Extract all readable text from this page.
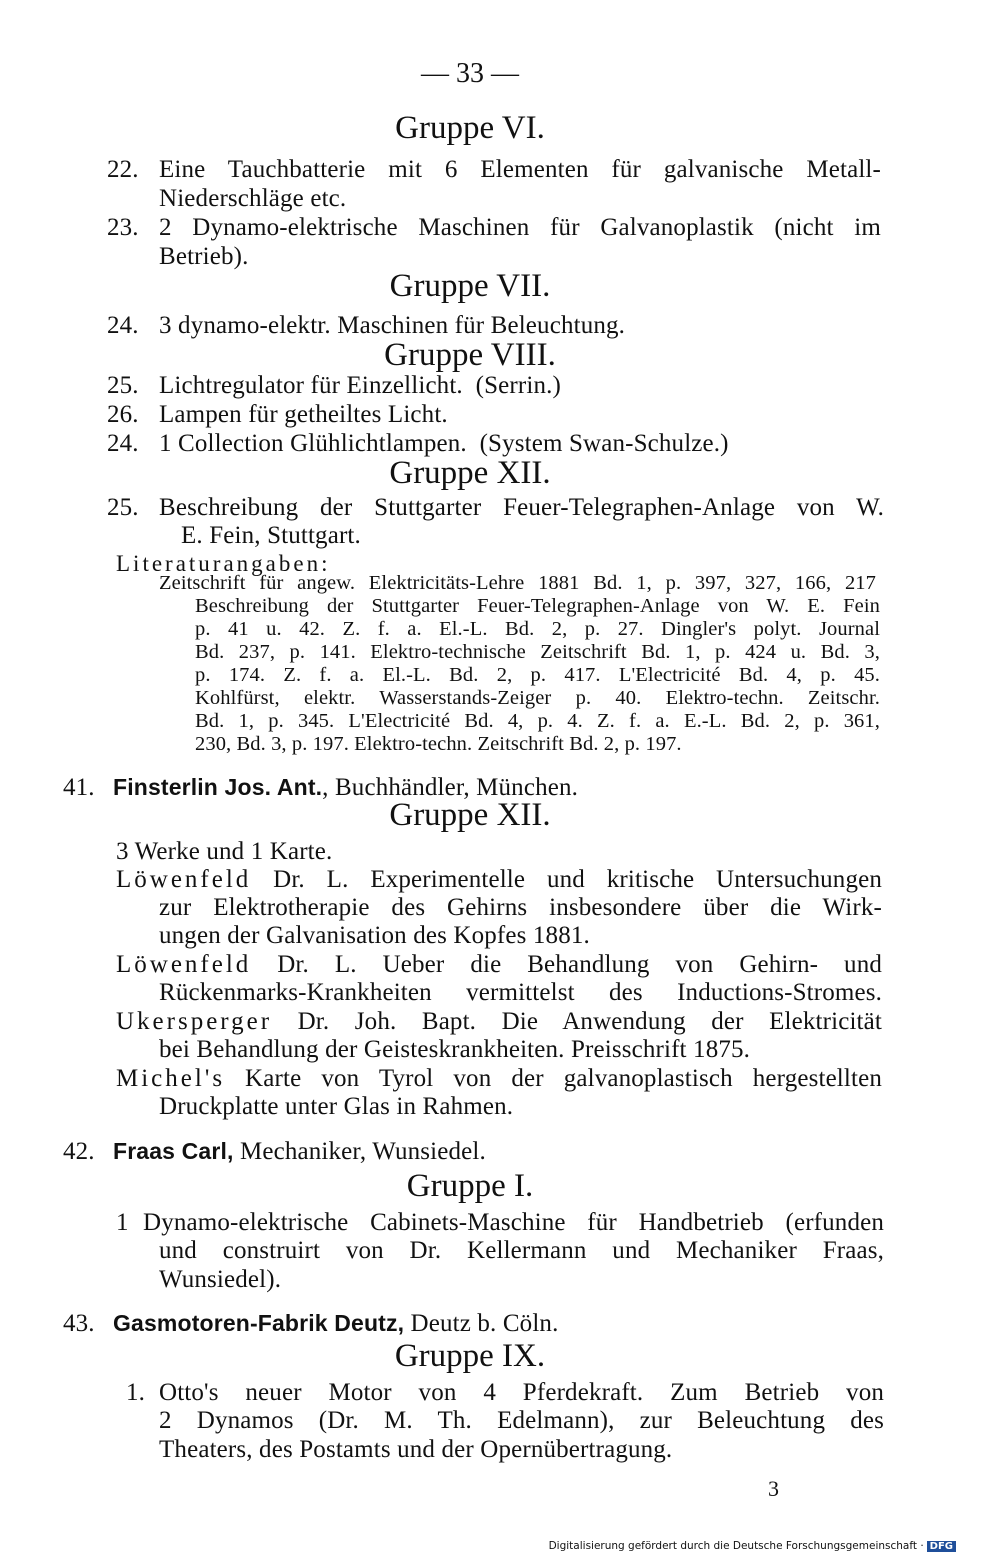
— 33 —
Gruppe VI.
22. Eine Tauchbatterie mit 6 Elementen für galvanische Metall-
Niederschläge etc.
23. 2 Dynamo-elektrische Maschinen für Galvanoplastik (nicht im
Betrieb).
Gruppe VII.
24. 3 dynamo-elektr. Maschinen für Beleuchtung.
Gruppe VIII.
25. Lichtregulator für Einzellicht.  (Serrin.)
26. Lampen für getheiltes Licht.
24. 1 Collection Glühlichtlampen.  (System Swan-Schulze.)
Gruppe XII.
25. Beschreibung der Stuttgarter Feuer-Telegraphen-Anlage von W.
E. Fein, Stuttgart.
Literaturangaben:
Zeitschrift für angew. Elektricitäts-Lehre 1881 Bd. 1, p. 397, 327, 166, 217
Beschreibung der Stuttgarter Feuer-Telegraphen-Anlage von W. E. Fein
p. 41 u. 42. Z. f. a. El.-L. Bd. 2, p. 27. Dingler's polyt. Journal
Bd. 237, p. 141. Elektro-technische Zeitschrift Bd. 1, p. 424 u. Bd. 3,
p. 174. Z. f. a. El.-L. Bd. 2, p. 417. L'Electricité Bd. 4, p. 45.
Kohlfürst, elektr. Wasserstands-Zeiger p. 40. Elektro-techn. Zeitschr.
Bd. 1, p. 345. L'Electricité Bd. 4, p. 4. Z. f. a. E.-L. Bd. 2, p. 361,
230, Bd. 3, p. 197. Elektro-techn. Zeitschrift Bd. 2, p. 197.
41. Finsterlin Jos. Ant., Buchhändler, München.
Gruppe XII.
3 Werke und 1 Karte.
Löwenfeld Dr. L. Experimentelle und kritische Untersuchungen
zur Elektrotherapie des Gehirns insbesondere über die Wirk-
ungen der Galvanisation des Kopfes 1881.
Löwenfeld Dr. L. Ueber die Behandlung von Gehirn- und
Rückenmarks-Krankheiten vermittelst des Inductions-Stromes.
Ukersperger Dr. Joh. Bapt. Die Anwendung der Elektricität
bei Behandlung der Geisteskrankheiten. Preisschrift 1875.
Michel's Karte von Tyrol von der galvanoplastisch hergestellten
Druckplatte unter Glas in Rahmen.
42. Fraas Carl, Mechaniker, Wunsiedel.
Gruppe I.
1 Dynamo-elektrische Cabinets-Maschine für Handbetrieb (erfunden
und construirt von Dr. Kellermann und Mechaniker Fraas,
Wunsiedel).
43. Gasmotoren-Fabrik Deutz, Deutz b. Cöln.
Gruppe IX.
1. Otto's neuer Motor von 4 Pferdekraft. Zum Betrieb von
2 Dynamos (Dr. M. Th. Edelmann), zur Beleuchtung des
Theaters, des Postamts und der Opernübertragung.
3
Digitalisierung gefördert durch die Deutsche Forschungsgemeinschaft · DFG
